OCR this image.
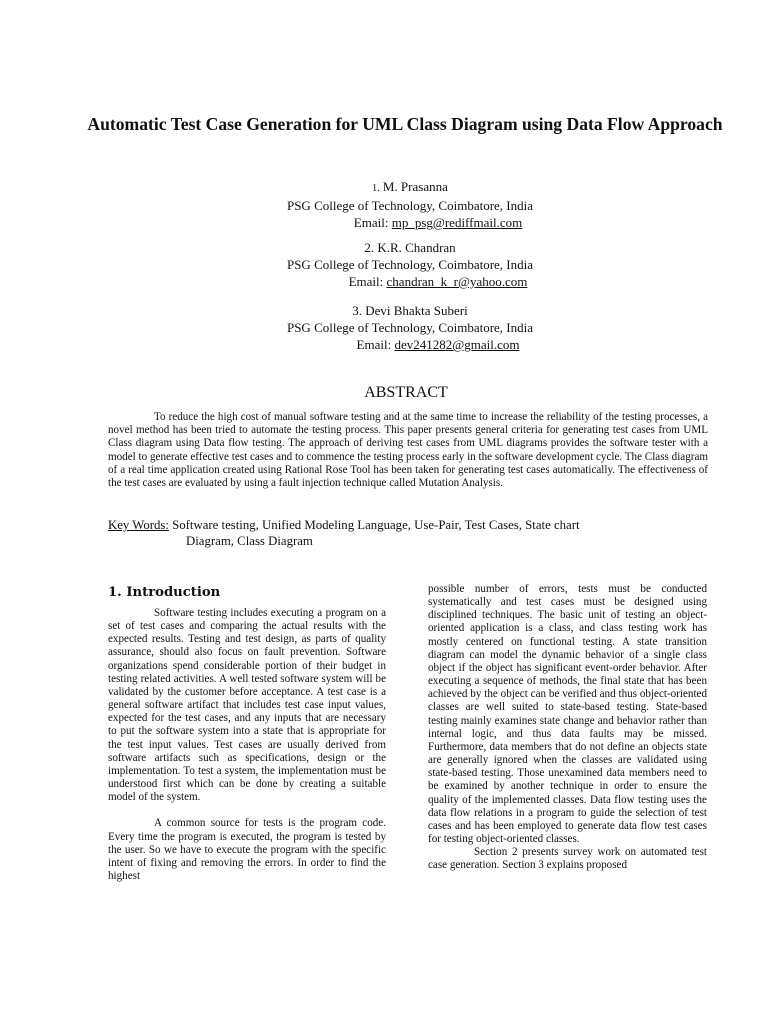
Automatic Test Case Generation for UML Class Diagram using Data Flow Approach
1. M. Prasanna
PSG College of Technology, Coimbatore, India
Email: mp_psg@rediffmail.com
2. K.R. Chandran
PSG College of Technology, Coimbatore, India
Email: chandran_k_r@yahoo.com
3. Devi Bhakta Suberi
PSG College of Technology, Coimbatore, India
Email: dev241282@gmail.com
ABSTRACT
To reduce the high cost of manual software testing and at the same time to increase the reliability of the testing processes, a novel method has been tried to automate the testing process. This paper presents general criteria for generating test cases from UML Class diagram using Data flow testing. The approach of deriving test cases from UML diagrams provides the software tester with a model to generate effective test cases and to commence the testing process early in the software development cycle. The Class diagram of a real time application created using Rational Rose Tool has been taken for generating test cases automatically. The effectiveness of the test cases are evaluated by using a fault injection technique called Mutation Analysis.
Key Words: Software testing, Unified Modeling Language, Use-Pair, Test Cases, State chart
Diagram, Class Diagram
1. Introduction

Software testing includes executing a program on a set of test cases and comparing the actual results with the expected results. Testing and test design, as parts of quality assurance, should also focus on fault prevention. Software organizations spend considerable portion of their budget in testing related activities. A well tested software system will be validated by the customer before acceptance. A test case is a general software artifact that includes test case input values, expected for the test cases, and any inputs that are necessary to put the software system into a state that is appropriate for the test input values. Test cases are usually derived from software artifacts such as specifications, design or the implementation. To test a system, the implementation must be understood first which can be done by creating a suitable model of the system.

A common source for tests is the program code. Every time the program is executed, the program is tested by the user. So we have to execute the program with the specific intent of fixing and removing the errors. In order to find the highest

possible number of errors, tests must be conducted systematically and test cases must be designed using disciplined techniques. The basic unit of testing an object-oriented application is a class, and class testing work has mostly centered on functional testing. A state transition diagram can model the dynamic behavior of a single class object if the object has significant event-order behavior. After executing a sequence of methods, the final state that has been achieved by the object can be verified and thus object-oriented classes are well suited to state-based testing. State-based testing mainly examines state change and behavior rather than internal logic, and thus data faults may be missed. Furthermore, data members that do not define an objects state are generally ignored when the classes are validated using state-based testing. Those unexamined data members need to be examined by another technique in order to ensure the quality of the implemented classes. Data flow testing uses the data flow relations in a program to guide the selection of test cases and has been employed to generate data flow test cases for testing object-oriented classes.

Section 2 presents survey work on automated test case generation. Section 3 explains proposed
